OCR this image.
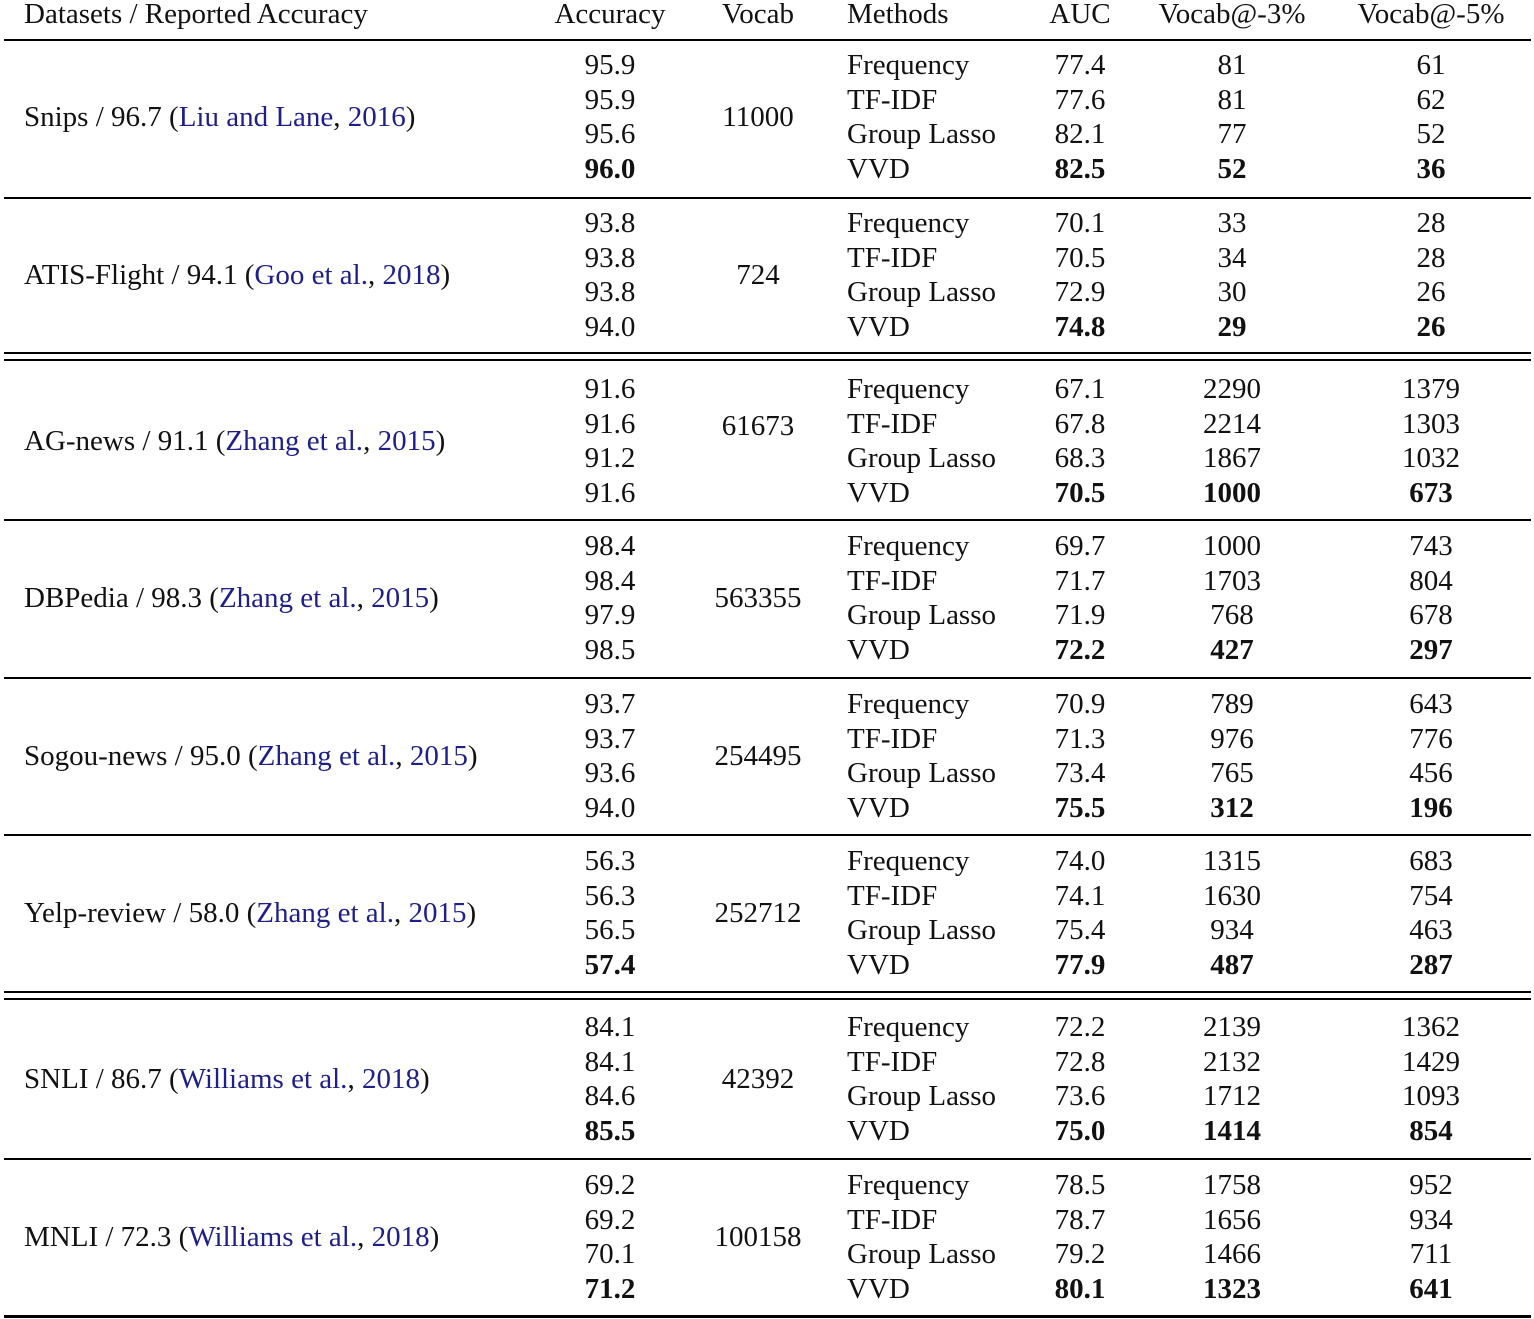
Datasets / Reported Accuracy	Accuracy Vocab Methods	AUC Vocab@-3% Vocab@-5%
Snips / 96.7 (Liu and Lane, 2016)	11000
95.9	Frequency	77.4	81	61
95.9	TF-IDF	77.6	81	62
95.6	Group Lasso 82.1	77	52
96.0	VVD	82.5	52	36
ATIS-Flight / 94.1 (Goo et al., 2018)	724
93.8	Frequency	70.1	33	28
93.8	TF-IDF	70.5	34	28
93.8	Group Lasso 72.9	30	26
94.0	VVD	74.8	29	26
AG-news / 91.1 (Zhang et al., 2015)	61673
91.6	Frequency	67.1	2290	1379
91.6	TF-IDF	67.8	2214	1303
91.2	Group Lasso 68.3	1867	1032
91.6	VVD	70.5	1000	673
DBPedia / 98.3 (Zhang et al., 2015)	563355
98.4	Frequency	69.7	1000	743
98.4	TF-IDF	71.7	1703	804
97.9	Group Lasso 71.9	768	678
98.5	VVD	72.2	427	297
Sogou-news / 95.0 (Zhang et al., 2015)	254495
93.7	Frequency	70.9	789	643
93.7	TF-IDF	71.3	976	776
93.6	Group Lasso 73.4	765	456
94.0	VVD	75.5	312	196
Yelp-review / 58.0 (Zhang et al., 2015)	252712
56.3	Frequency	74.0	1315	683
56.3	TF-IDF	74.1	1630	754
56.5	Group Lasso 75.4	934	463
57.4	VVD	77.9	487	287
SNLI / 86.7 (Williams et al., 2018)	42392
84.1	Frequency	72.2	2139	1362
84.1	TF-IDF	72.8	2132	1429
84.6	Group Lasso 73.6	1712	1093
85.5	VVD	75.0	1414	854
MNLI / 72.3 (Williams et al., 2018)	100158
69.2	Frequency	78.5	1758	952
69.2	TF-IDF	78.7	1656	934
70.1	Group Lasso 79.2	1466	711
71.2	VVD	80.1	1323	641
